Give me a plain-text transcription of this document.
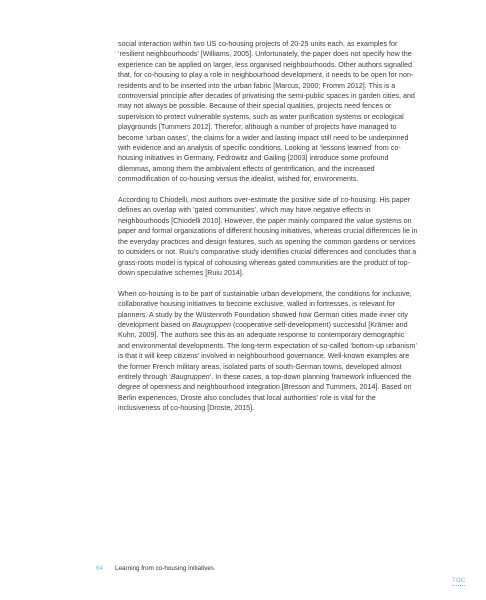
social interaction within two US co-housing projects of 20-25 units each, as examples for ‘resilient neighbourhoods’ [Williams, 2005]. Unfortunately, the paper does not specify how the experience can be applied on larger, less organised neighbourhoods. Other authors signalled that, for co-housing to play a role in neighbourhood development, it needs to be open for non-residents and to be inserted into the urban fabric [Marcus, 2000; Fromm 2012]. This is a controversial principle after decades of privatising the semi-public spaces in garden cities, and may not always be possible. Because of their special qualities, projects need fences or supervision to protect vulnerable systems, such as water purification systems or ecological playgrounds [Tummers 2012]. Therefor, although a number of projects have managed to become ‘urban oases’, the claims for a wider and lasting impact still need to be underpinned with evidence and an analysis of specific conditions. Looking at ‘lessons learned’ from co-housing initiatives in Germany, Fedrowitz and Gailing [2003] introduce some profound dilemmas, among them the ambivalent effects of gentrification, and the increased commodification of co-housing versus the idealist, wished for, environments.

According to Chiodelli, most authors over-estimate the positive side of co-housing. His paper defines an overlap with ‘gated communities’, which may have negative effects in neighbourhoods [Chiodelli 2010]. However, the paper mainly compared the value systems on paper and formal organizations of different housing initiatives, whereas crucial differences lie in the everyday practices and design features, such as opening the common gardens or services to outsiders or not. Ruiu’s comparative study identifies crucial differences and concludes that a grass-roots model is typical of cohousing whereas gated communities are the product of top-down speculative schemes [Ruiu 2014].

When co-housing is to be part of sustainable urban development, the conditions for inclusive, collaborative housing initiatives to become exclusive, walled in fortresses, is relevant for planners. A study by the Wüstenroth Foundation showed how German cities made inner city development based on Baugruppen (cooperative self-development) successful [Krämer and Kuhn, 2009]. The authors see this as an adequate response to contemporary demographic and environmental developments. The long-term expectation of so-called ‘bottom-up urbanism’ is that it will keep citizens’ involved in neighbourhood governance. Well-known examples are the former French military areas, isolated parts of south-German towns, developed almost entirely through ‘Baugruppen’. In these cases, a top-down planning framework influenced the degree of openness and neighbourhood integration [Bresson and Tummers, 2014]. Based on Berlin experiences, Droste also concludes that local authorities’ role is vital for the inclusiveness of co-housing [Droste, 2015].

64 Learning from co-housing initiatives
TOC
